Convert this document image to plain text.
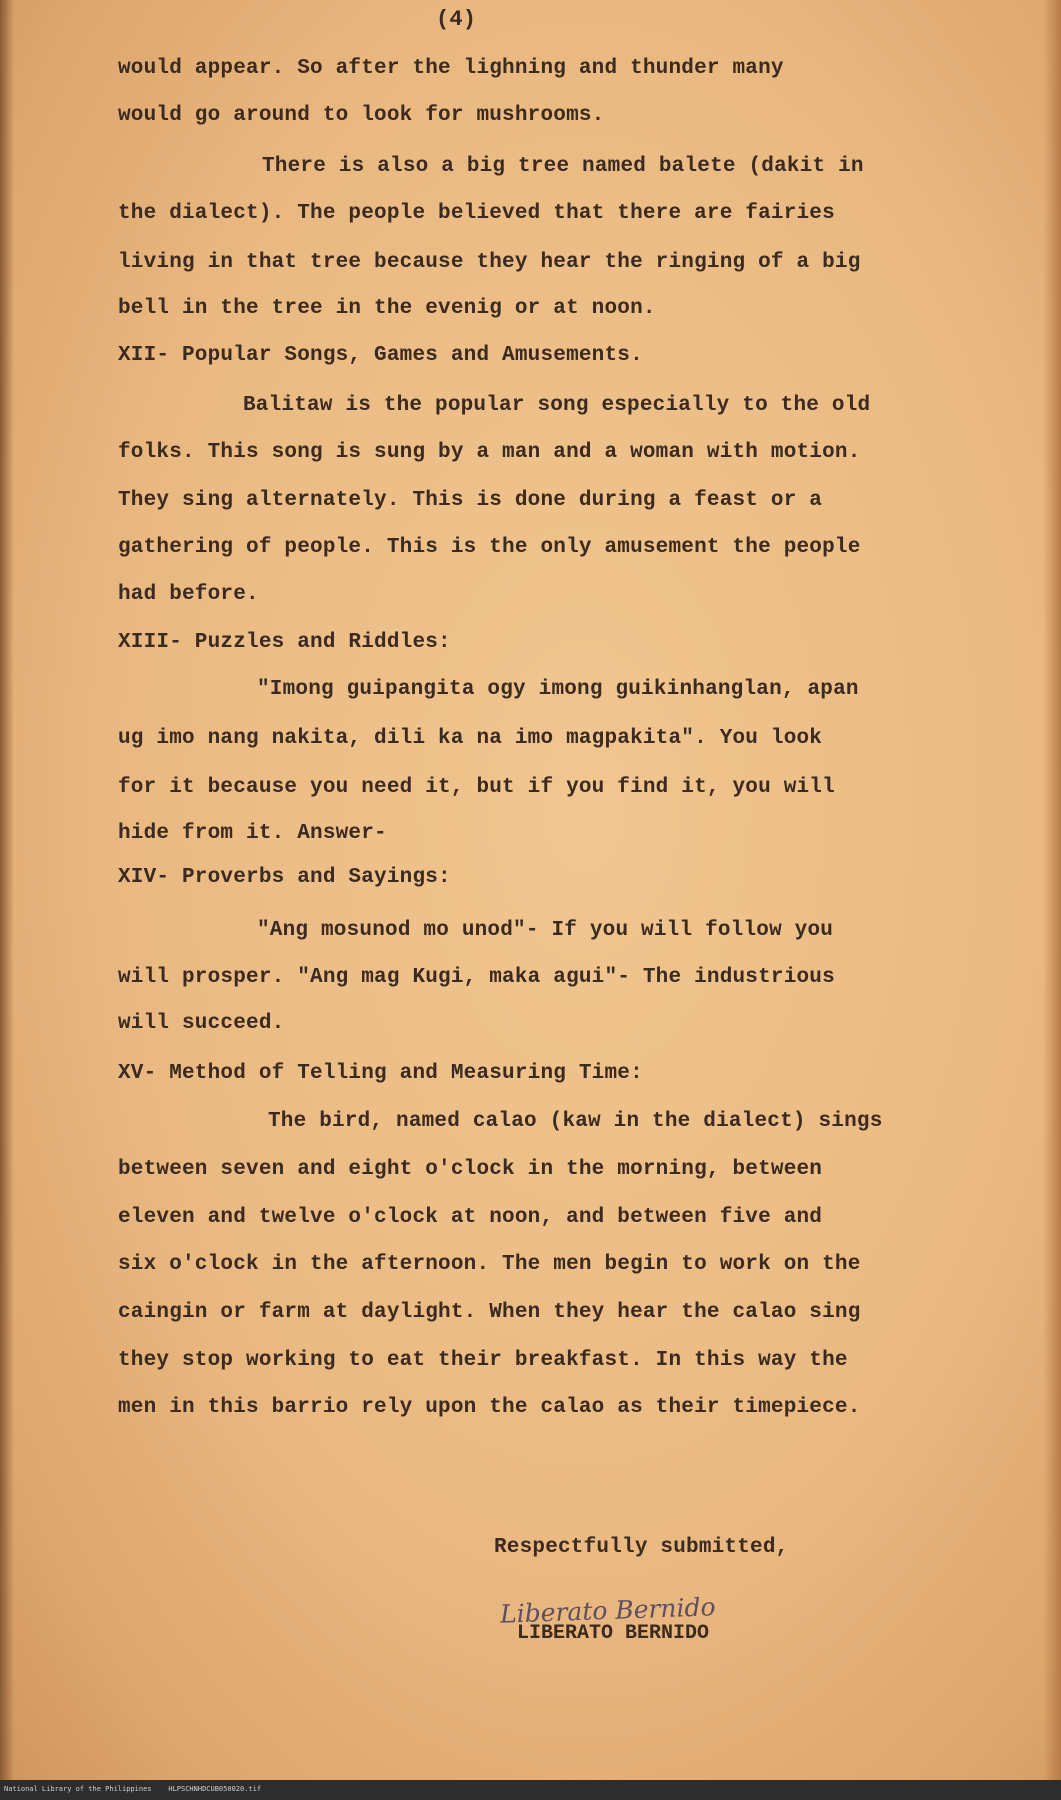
(4)
would appear. So after the lighning and thunder many
would go around to look for mushrooms.
There is also a big tree named balete (dakit in
the dialect). The people believed that there are fairies
living in that tree because they hear the ringing of a big
bell in the tree in the evenig or at noon.
XII- Popular Songs, Games and Amusements.
Balitaw is the popular song especially to the old
folks. This song is sung by a man and a woman with motion.
They sing alternately. This is done during a feast or a
gathering of people. This is the only amusement the people
had before.
XIII- Puzzles and Riddles:
"Imong guipangita ogy imong guikinhanglan, apan
ug imo nang nakita, dili ka na imo magpakita". You look
for it because you need it, but if you find it, you will
hide from it. Answer-
XIV- Proverbs and Sayings:
"Ang mosunod mo unod"- If you will follow you
will prosper. "Ang mag Kugi, maka agui"- The industrious
will succeed.
XV- Method of Telling and Measuring Time:
The bird, named calao (kaw in the dialect) sings
between seven and eight o'clock in the morning, between
eleven and twelve o'clock at noon, and between five and
six o'clock in the afternoon. The men begin to work on the
caingin or farm at daylight. When they hear the calao sing
they stop working to eat their breakfast. In this way the
men in this barrio rely upon the calao as their timepiece.
Respectfully submitted,
Liberato Bernido
LIBERATO BERNIDO
National Library of the Philippines    HLPSCHNHDCUB050020.tif
